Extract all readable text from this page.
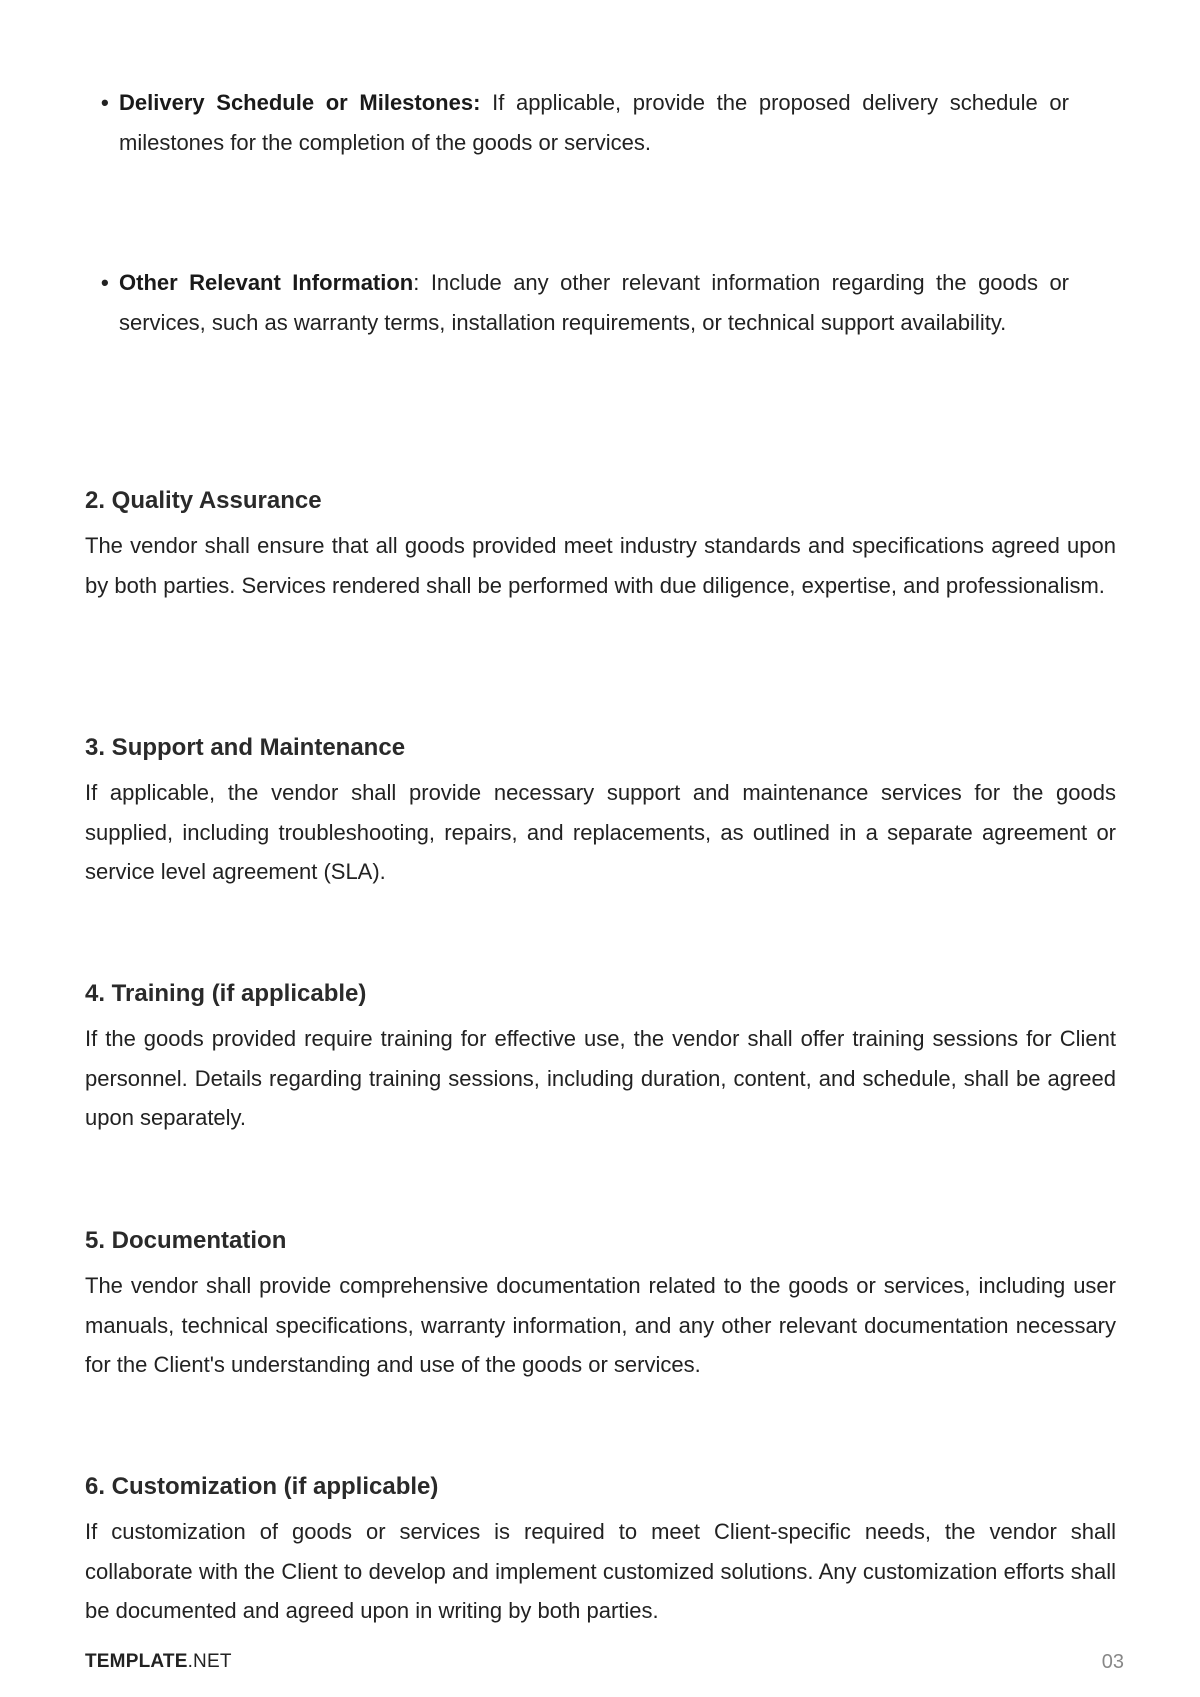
• Delivery Schedule or Milestones: If applicable, provide the proposed delivery schedule or milestones for the completion of the goods or services.
• Other Relevant Information: Include any other relevant information regarding the goods or services, such as warranty terms, installation requirements, or technical support availability.
2. Quality Assurance

The vendor shall ensure that all goods provided meet industry standards and specifications agreed upon by both parties. Services rendered shall be performed with due diligence, expertise, and professionalism.

3. Support and Maintenance

If applicable, the vendor shall provide necessary support and maintenance services for the goods supplied, including troubleshooting, repairs, and replacements, as outlined in a separate agreement or service level agreement (SLA).

4. Training (if applicable)

If the goods provided require training for effective use, the vendor shall offer training sessions for Client personnel. Details regarding training sessions, including duration, content, and schedule, shall be agreed upon separately.

5. Documentation

The vendor shall provide comprehensive documentation related to the goods or services, including user manuals, technical specifications, warranty information, and any other relevant documentation necessary for the Client's understanding and use of the goods or services.

6. Customization (if applicable)

If customization of goods or services is required to meet Client-specific needs, the vendor shall collaborate with the Client to develop and implement customized solutions. Any customization efforts shall be documented and agreed upon in writing by both parties.

TEMPLATE.NET	03
